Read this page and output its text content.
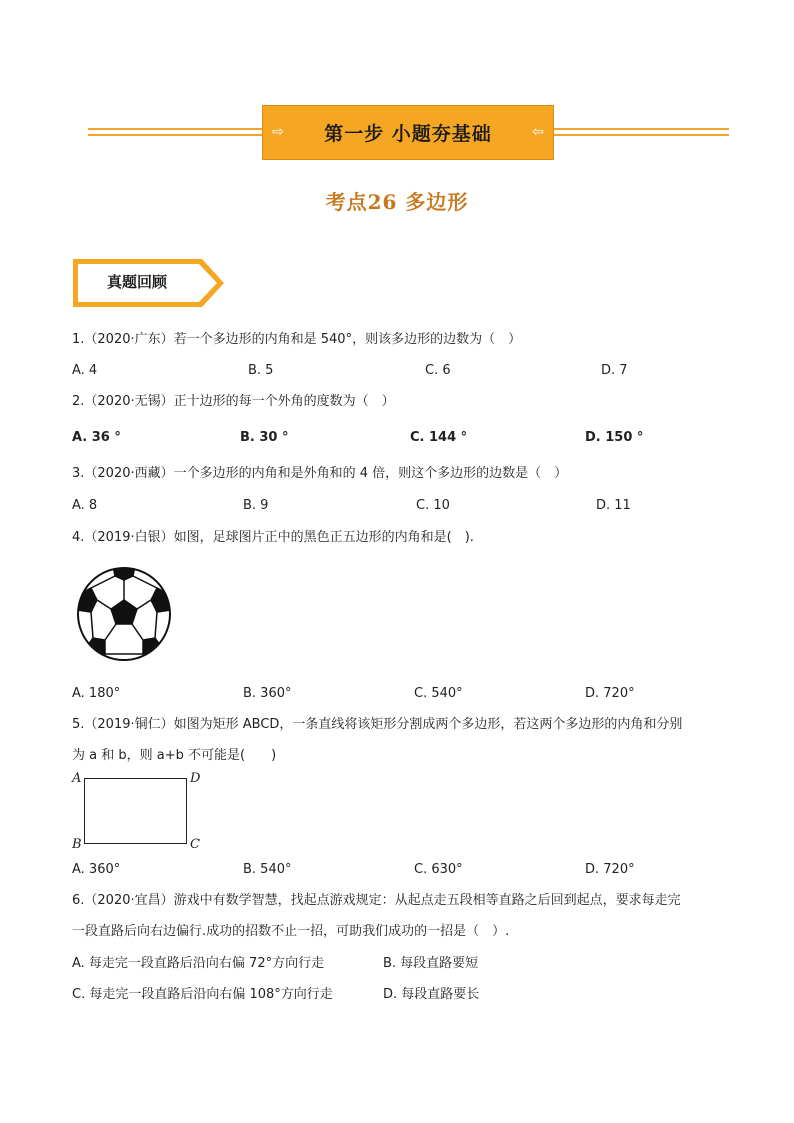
⇨ 第一步 小题夯基础	⇦
考点26 多边形
真题回顾
1.（2020·广东）若一个多边形的内角和是 540°，则该多边形的边数为（　）
A. 4	B. 5	C. 6	D. 7
2.（2020·无锡）正十边形的每一个外角的度数为（　）
A. 36 °	B. 30 °	C. 144 °	D. 150 °
3.（2020·西藏）一个多边形的内角和是外角和的 4 倍，则这个多边形的边数是（　）
A. 8	B. 9	C. 10	D. 11
4.（2019·白银）如图，足球图片正中的黑色正五边形的内角和是(　).
A. 180°	B. 360°	C. 540°	D. 720°
5.（2019·铜仁）如图为矩形 ABCD，一条直线将该矩形分割成两个多边形，若这两个多边形的内角和分别
为 a 和 b，则 a+b 不可能是(　　)
A	D
B	C
A. 360°	B. 540°	C. 630°	D. 720°
6.（2020·宜昌）游戏中有数学智慧，找起点游戏规定：从起点走五段相等直路之后回到起点，要求每走完
一段直路后向右边偏行.成功的招数不止一招，可助我们成功的一招是（　）.
A. 每走完一段直路后沿向右偏 72°方向行走	B. 每段直路要短
C. 每走完一段直路后沿向右偏 108°方向行走	D. 每段直路要长
